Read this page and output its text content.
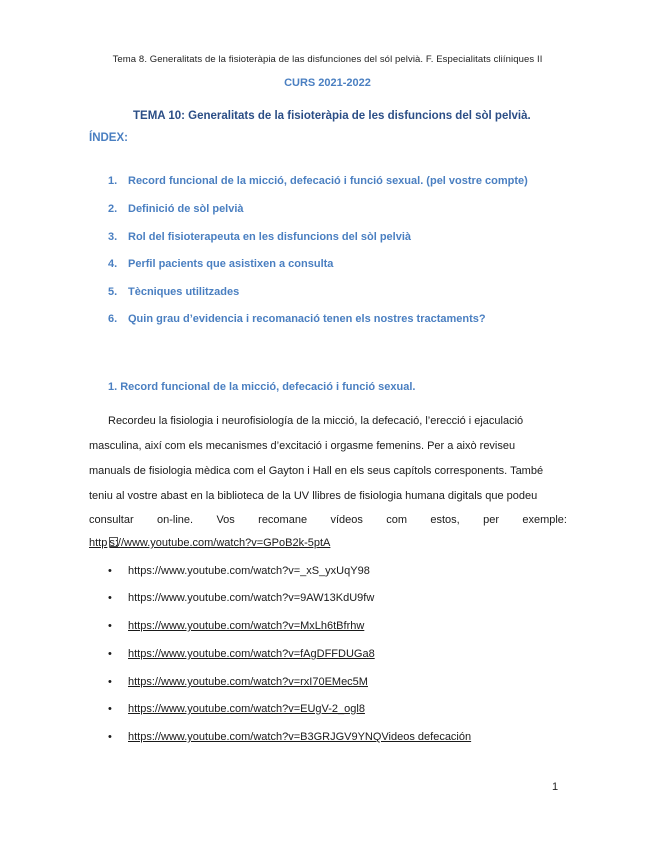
Tema 8. Generalitats de la fisioteràpia de las disfunciones del sól pelvià. F. Especialitats cliíniques II
CURS 2021-2022
TEMA 10: Generalitats de la fisioteràpia de les disfuncions del sòl pelvià.
ÍNDEX:
1. Record funcional de la micció, defecació i funció sexual. (pel vostre compte)
2. Definició de sòl pelvià
3. Rol del fisioterapeuta en les disfuncions del sòl pelvià
4. Perfil pacients que asistixen a consulta
5. Tècniques utilitzades
6. Quin grau d’evidencia i recomanació tenen els nostres tractaments?
1. Record funcional de la micció, defecació i funció sexual.
Recordeu la fisiologia i neurofisiología de la micció, la defecació, l’erecció i ejaculació
masculina, així com els mecanismes d’excitació i orgasme femenins. Per a això reviseu
manuals de fisiologia mèdica com el Gayton i Hall en els seus capítols corresponents. També
teniu al vostre abast en la biblioteca de la UV llibres de fisiologia humana digitals que podeu
consultar on-line. Vos recomane vídeos com estos, per exemple:
http s://www.youtube.com/watch?v=GPoB2k-5ptA
• https://www.youtube.com/watch?v=_xS_yxUqY98
• https://www.youtube.com/watch?v=9AW13KdU9fw
• https://www.youtube.com/watch?v=MxLh6tBfrhw
• https://www.youtube.com/watch?v=fAgDFFDUGa8
• https://www.youtube.com/watch?v=rxI70EMec5M
• https://www.youtube.com/watch?v=EUgV-2_ogl8
• https://www.youtube.com/watch?v=B3GRJGV9YNQVideos defecación
1
